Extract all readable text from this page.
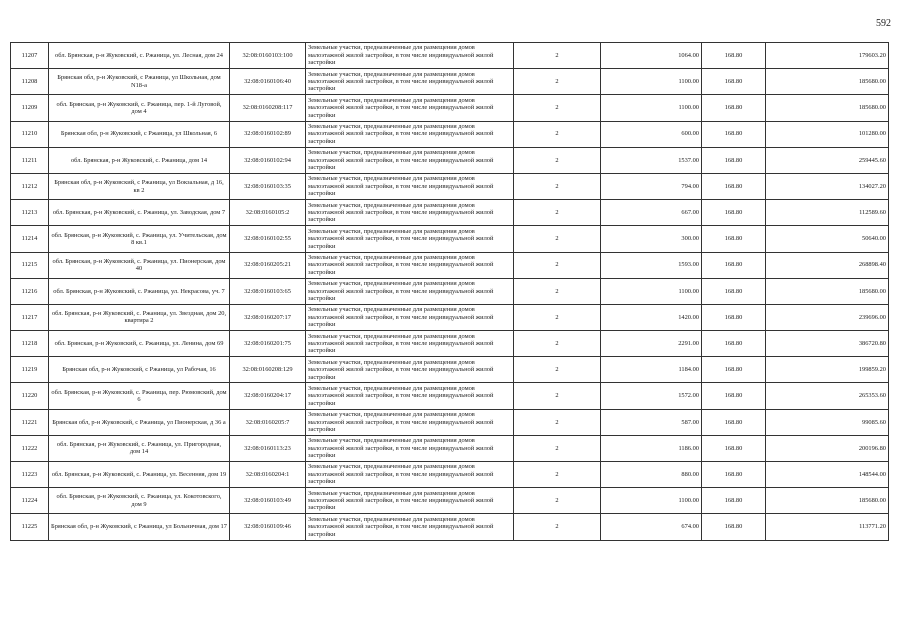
592
11207	обл. Брянская, р-н Жуковский, с. Ржаница, ул. Лесная, дом 24	32:08:0160103:100	Земельные участки, предназначенные для размещения домов малоэтажной жилой застройки, в том числе индивидуальной жилой застройки	2	1064.00	168.80	179603.20
11208	Брянская обл, р-н Жуковский, с Ржаница, ул Школьная, дом N18-а	32:08:0160106:40	Земельные участки, предназначенные для размещения домов малоэтажной жилой застройки, в том числе индивидуальной жилой застройки	2	1100.00	168.80	185680.00
11209	обл. Брянская, р-н Жуковский, с. Ржаница, пер. 1-й Луговой, дом 4	32:08:0160208:117	Земельные участки, предназначенные для размещения домов малоэтажной жилой застройки, в том числе индивидуальной жилой застройки	2	1100.00	168.80	185680.00
11210	Брянская обл, р-н Жуковский, с Ржаница, ул Школьная, 6	32:08:0160102:89	Земельные участки, предназначенные для размещения домов малоэтажной жилой застройки, в том числе индивидуальной жилой застройки	2	600.00	168.80	101280.00
11211	обл. Брянская, р-н Жуковский, с. Ржаница, дом 14	32:08:0160102:94	Земельные участки, предназначенные для размещения домов малоэтажной жилой застройки, в том числе индивидуальной жилой застройки	2	1537.00	168.80	259445.60
11212	Брянская обл, р-н Жуковский, с Ржаница, ул Вокзальная, д 16, кв 2	32:08:0160103:35	Земельные участки, предназначенные для размещения домов малоэтажной жилой застройки, в том числе индивидуальной жилой застройки	2	794.00	168.80	134027.20
11213	обл. Брянская, р-н Жуковский, с. Ржаница, ул. Заводская, дом 7	32:08:0160105:2	Земельные участки, предназначенные для размещения домов малоэтажной жилой застройки, в том числе индивидуальной жилой застройки	2	667.00	168.80	112589.60
11214	обл. Брянская, р-н Жуковский, с. Ржаница, ул. Учительская, дом 8 кв.1	32:08:0160102:55	Земельные участки, предназначенные для размещения домов малоэтажной жилой застройки, в том числе индивидуальной жилой застройки	2	300.00	168.80	50640.00
11215	обл. Брянская, р-н Жуковский, с. Ржаница, ул. Пионерская, дом 40	32:08:0160205:21	Земельные участки, предназначенные для размещения домов малоэтажной жилой застройки, в том числе индивидуальной жилой застройки	2	1593.00	168.80	268898.40
11216	обл. Брянская, р-н Жуковский, с. Ржаница, ул. Некрасова, уч. 7	32:08:0160103:65	Земельные участки, предназначенные для размещения домов малоэтажной жилой застройки, в том числе индивидуальной жилой застройки	2	1100.00	168.80	185680.00
11217	обл. Брянская, р-н Жуковский, с. Ржаница, ул. Звездная, дом 20, квартира 2	32:08:0160207:17	Земельные участки, предназначенные для размещения домов малоэтажной жилой застройки, в том числе индивидуальной жилой застройки	2	1420.00	168.80	239696.00
11218	обл. Брянская, р-н Жуковский, с. Ржаница, ул. Ленина, дом 69	32:08:0160201:75	Земельные участки, предназначенные для размещения домов малоэтажной жилой застройки, в том числе индивидуальной жилой застройки	2	2291.00	168.80	386720.80
11219	Брянская обл, р-н Жуковский, с Ржаница, ул Рабочая, 16	32:08:0160208:129	Земельные участки, предназначенные для размещения домов малоэтажной жилой застройки, в том числе индивидуальной жилой застройки	2	1184.00	168.80	199859.20
11220	обл. Брянская, р-н Жуковский, с. Ржаница, пер. Рюмовский, дом 6	32:08:0160204:17	Земельные участки, предназначенные для размещения домов малоэтажной жилой застройки, в том числе индивидуальной жилой застройки	2	1572.00	168.80	265353.60
11221	Брянская обл, р-н Жуковский, с Ржаница, ул Пионерская, д 36 а	32:08:0160205:7	Земельные участки, предназначенные для размещения домов малоэтажной жилой застройки, в том числе индивидуальной жилой застройки	2	587.00	168.80	99085.60
11222	обл. Брянская, р-н Жуковский, с. Ржаница, ул. Пригородная, дом 14	32:08:0160113:23	Земельные участки, предназначенные для размещения домов малоэтажной жилой застройки, в том числе индивидуальной жилой застройки	2	1186.00	168.80	200196.80
11223	обл. Брянская, р-н Жуковский, с. Ржаница, ул. Весенняя, дом 19	32:08:0160204:1	Земельные участки, предназначенные для размещения домов малоэтажной жилой застройки, в том числе индивидуальной жилой застройки	2	880.00	168.80	148544.00
11224	обл. Брянская, р-н Жуковский, с. Ржаница, ул. Кокотовского, дом 9	32:08:0160103:49	Земельные участки, предназначенные для размещения домов малоэтажной жилой застройки, в том числе индивидуальной жилой застройки	2	1100.00	168.80	185680.00
11225	Брянская обл, р-н Жуковский, с Ржаница, ул Больничная, дом 17	32:08:0160109:46	Земельные участки, предназначенные для размещения домов малоэтажной жилой застройки, в том числе индивидуальной жилой застройки	2	674.00	168.80	113771.20
